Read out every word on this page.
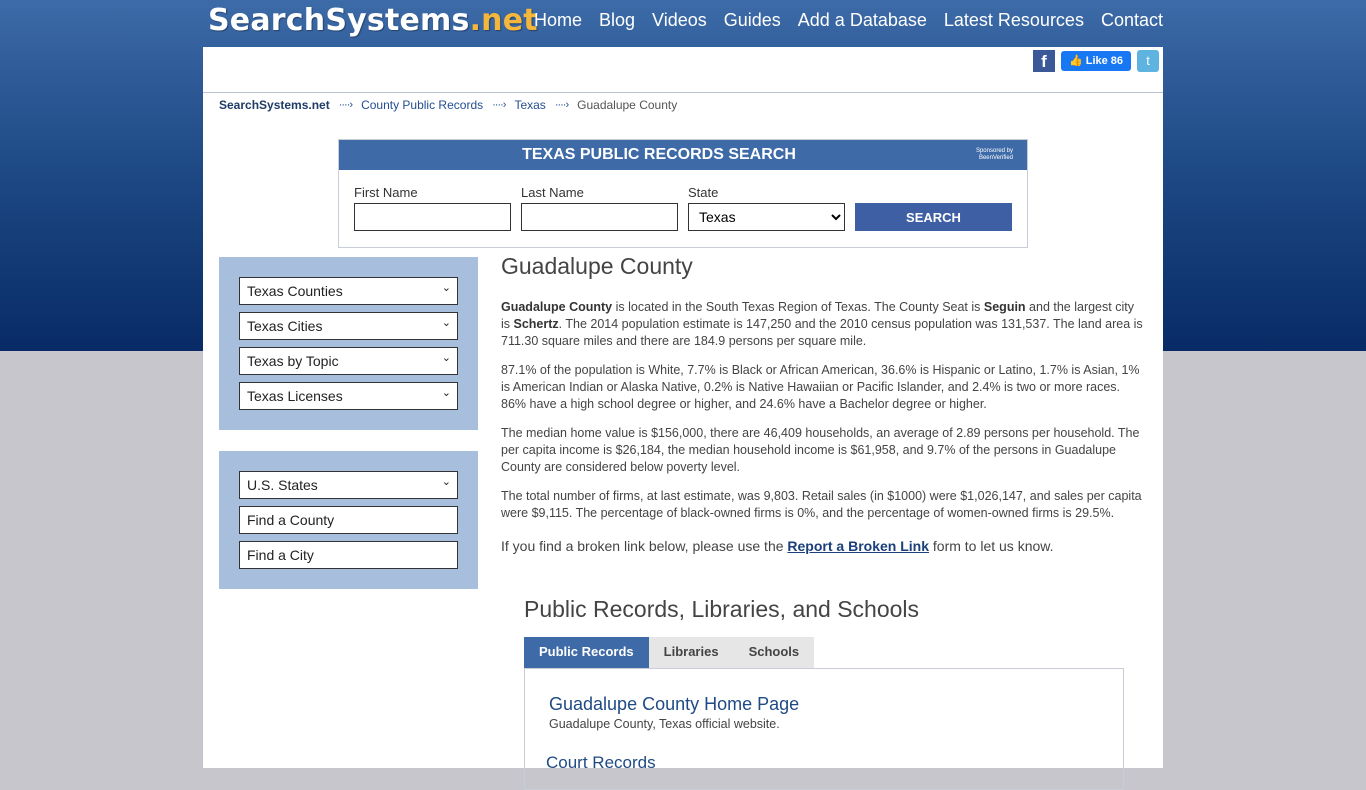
SearchSystems.net
Home Blog Videos Guides Add a Database Latest Resources Contact
f	👍 Like 86	t
SearchSystems.net ····› County Public Records ····› Texas ····› Guadalupe County
TEXAS PUBLIC RECORDS SEARCH	Sponsored by
BeenVerified
First Name	Last Name	State
Texas
SEARCH
Texas Counties	⌄
Texas Cities	⌄
Texas by Topic	⌄
Texas Licenses	⌄
U.S. States	⌄
Find a County
Find a City
Guadalupe County

Guadalupe County is located in the South Texas Region of Texas. The County Seat is Seguin and the largest city is Schertz. The 2014 population estimate is 147,250 and the 2010 census population was 131,537. The land area is 711.30 square miles and there are 184.9 persons per square mile.

87.1% of the population is White, 7.7% is Black or African American, 36.6% is Hispanic or Latino, 1.7% is Asian, 1% is American Indian or Alaska Native, 0.2% is Native Hawaiian or Pacific Islander, and 2.4% is two or more races. 86% have a high school degree or higher, and 24.6% have a Bachelor degree or higher.

The median home value is $156,000, there are 46,409 households, an average of 2.89 persons per household. The per capita income is $26,184, the median household income is $61,958, and 9.7% of the persons in Guadalupe County are considered below poverty level.

The total number of firms, at last estimate, was 9,803. Retail sales (in $1000) were $1,026,147, and sales per capita were $9,115. The percentage of black-owned firms is 0%, and the percentage of women-owned firms is 29.5%.

If you find a broken link below, please use the Report a Broken Link form to let us know.

Public Records, Libraries, and Schools
Public Records	Libraries	Schools
Guadalupe County Home Page
Guadalupe County, Texas official website.
Court Records
